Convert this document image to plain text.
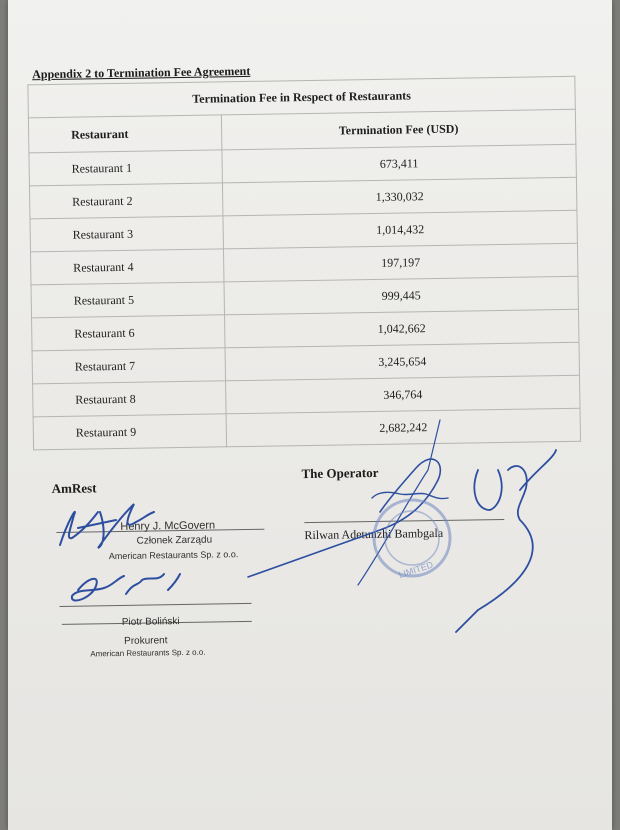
Appendix 2 to Termination Fee Agreement
Termination Fee in Respect of Restaurants	
Restaurant	Termination Fee (USD)
Restaurant 1	673,411
Restaurant 2	1,330,032
Restaurant 3	1,014,432
Restaurant 4	197,197
Restaurant 5	999,445
Restaurant 6	1,042,662
Restaurant 7	3,245,654
Restaurant 8	346,764
Restaurant 9	2,682,242
AmRest
Henry J. McGovern
Członek Zarządu
American Restaurants Sp. z o.o.
Piotr Boliński
Prokurent
American Restaurants Sp. z o.o.
The Operator
Rilwan Adetunzhi Bambgala
LIMITED
